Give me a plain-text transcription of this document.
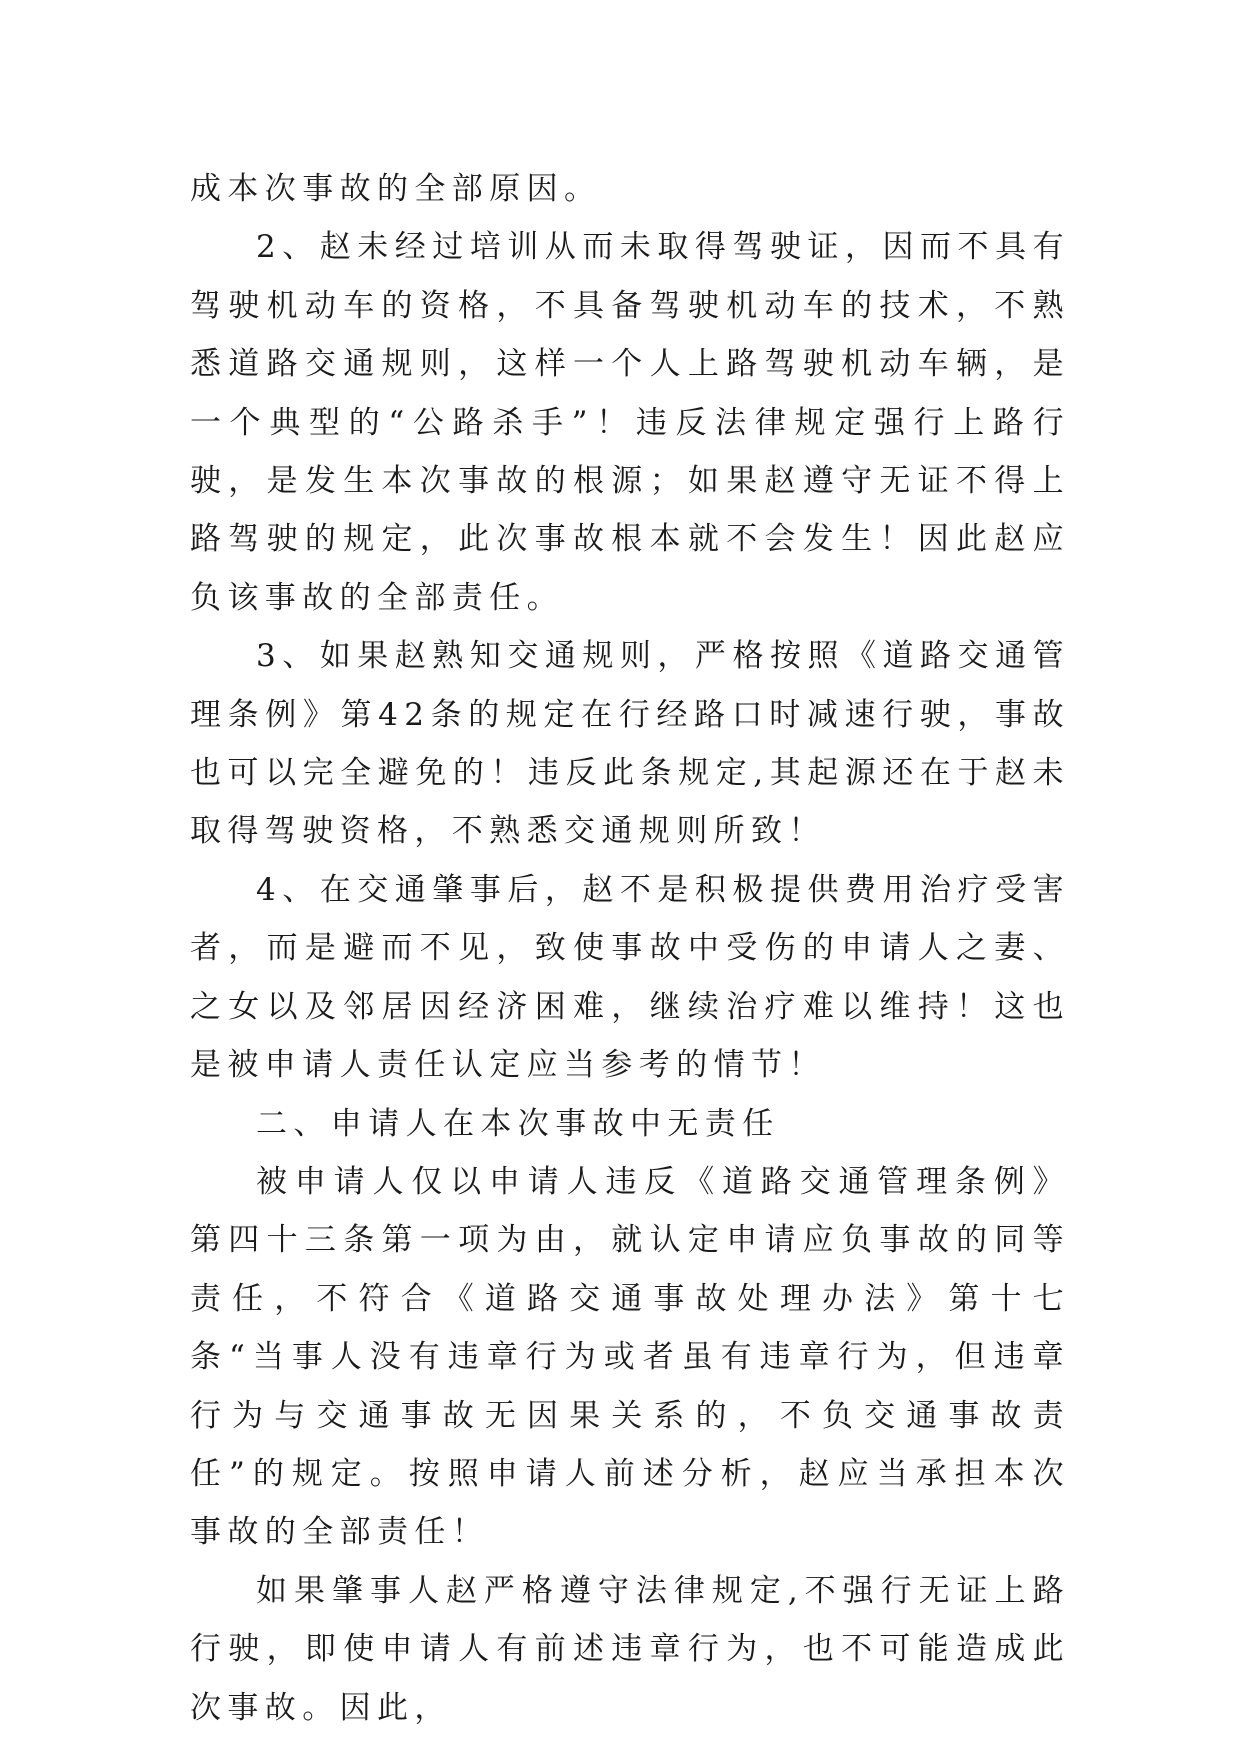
成本次事故的全部原因。

2、赵未经过培训从而未取得驾驶证，因而不具有驾驶机动车的资格，不具备驾驶机动车的技术，不熟悉道路交通规则，这样一个人上路驾驶机动车辆，是一个典型的“公路杀手”！违反法律规定强行上路行驶，是发生本次事故的根源；如果赵遵守无证不得上路驾驶的规定，此次事故根本就不会发生！因此赵应负该事故的全部责任。

3、如果赵熟知交通规则，严格按照《道路交通管理条例》第42条的规定在行经路口时减速行驶，事故也可以完全避免的！违反此条规定,其起源还在于赵未取得驾驶资格，不熟悉交通规则所致！

4、在交通肇事后，赵不是积极提供费用治疗受害者，而是避而不见，致使事故中受伤的申请人之妻、之女以及邻居因经济困难，继续治疗难以维持！这也是被申请人责任认定应当参考的情节！

二、申请人在本次事故中无责任

被申请人仅以申请人违反《道路交通管理条例》第四十三条第一项为由，就认定申请应负事故的同等责任，不符合《道路交通事故处理办法》第十七条“当事人没有违章行为或者虽有违章行为，但违章行为与交通事故无因果关系的，不负交通事故责任”的规定。按照申请人前述分析，赵应当承担本次事故的全部责任！

如果肇事人赵严格遵守法律规定,不强行无证上路行驶，即使申请人有前述违章行为，也不可能造成此次事故。因此，
